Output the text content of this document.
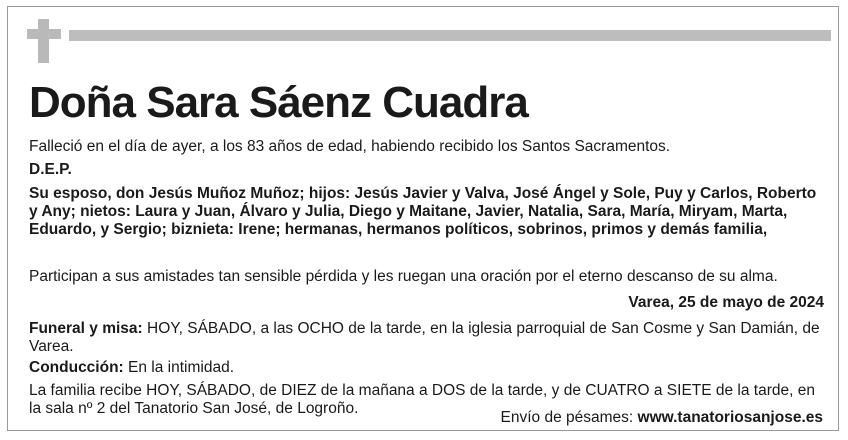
Doña Sara Sáenz Cuadra

Falleció en el día de ayer, a los 83 años de edad, habiendo recibido los Santos Sacramentos.

D.E.P.

Su esposo, don Jesús Muñoz Muñoz; hijos: Jesús Javier y Valva, José Ángel y Sole, Puy y Carlos, Roberto y Any; nietos: Laura y Juan, Álvaro y Julia, Diego y Maitane, Javier, Natalia, Sara, María, Miryam, Marta, Eduardo, y Sergio; biznieta: Irene; hermanas, hermanos políticos, sobrinos, primos y demás familia,

Participan a sus amistades tan sensible pérdida y les ruegan una oración por el eterno descanso de su alma.

Varea, 25 de mayo de 2024

Funeral y misa: HOY, SÁBADO, a las OCHO de la tarde, en la iglesia parroquial de San Cosme y San Damián, de Varea.

Conducción: En la intimidad.

La familia recibe HOY, SÁBADO, de DIEZ de la mañana a DOS de la tarde, y de CUATRO a SIETE de la tarde, en la sala nº 2 del Tanatorio San José, de Logroño.

Envío de pésames: www.tanatoriosanjose.es
